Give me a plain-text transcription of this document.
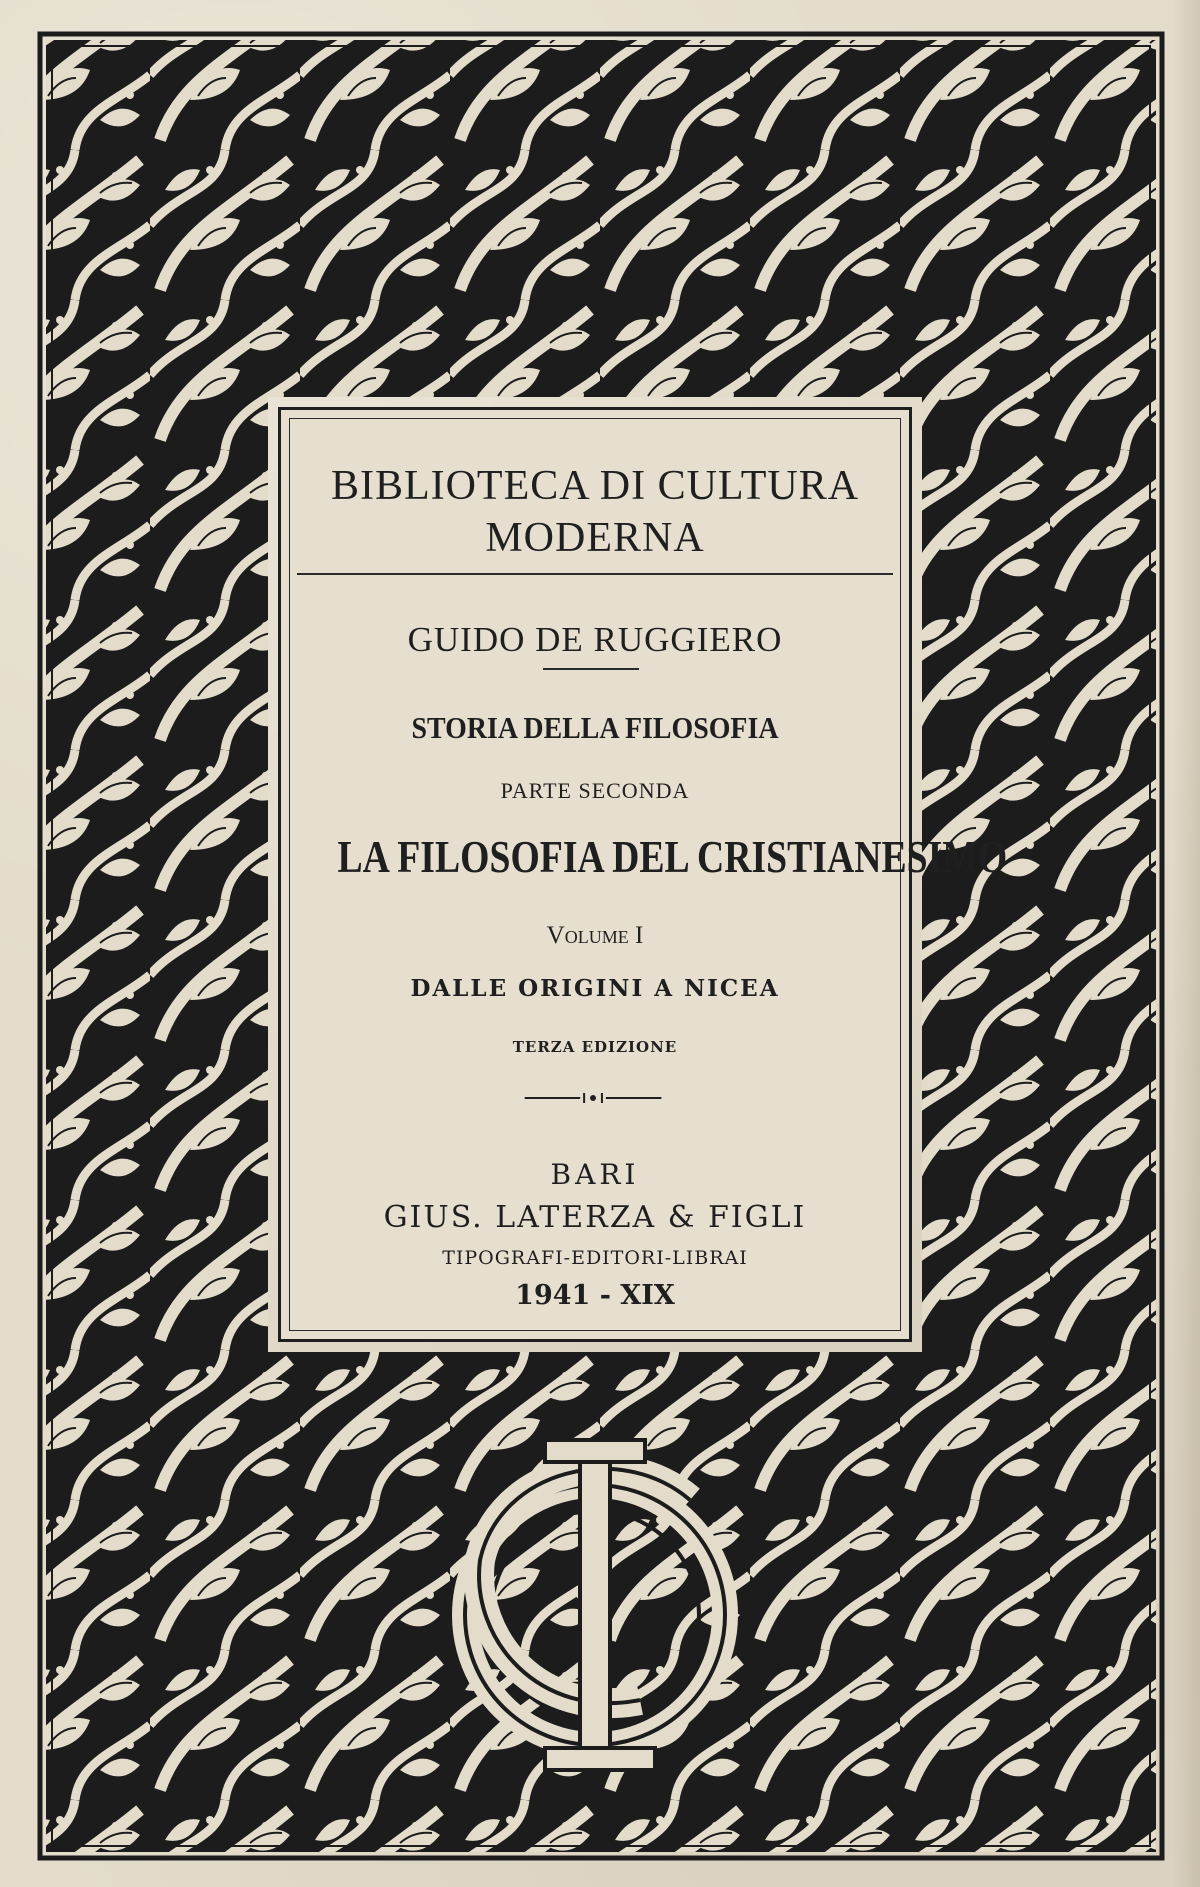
BIBLIOTECA DI CULTURA
MODERNA
GUIDO DE RUGGIERO
STORIA DELLA FILOSOFIA
PARTE SECONDA
LA FILOSOFIA DEL CRISTIANESIMO
Volume I
DALLE ORIGINI A NICEA
TERZA EDIZIONE
BARI
GIUS. LATERZA & FIGLI
TIPOGRAFI-EDITORI-LIBRAI
1941 - XIX
